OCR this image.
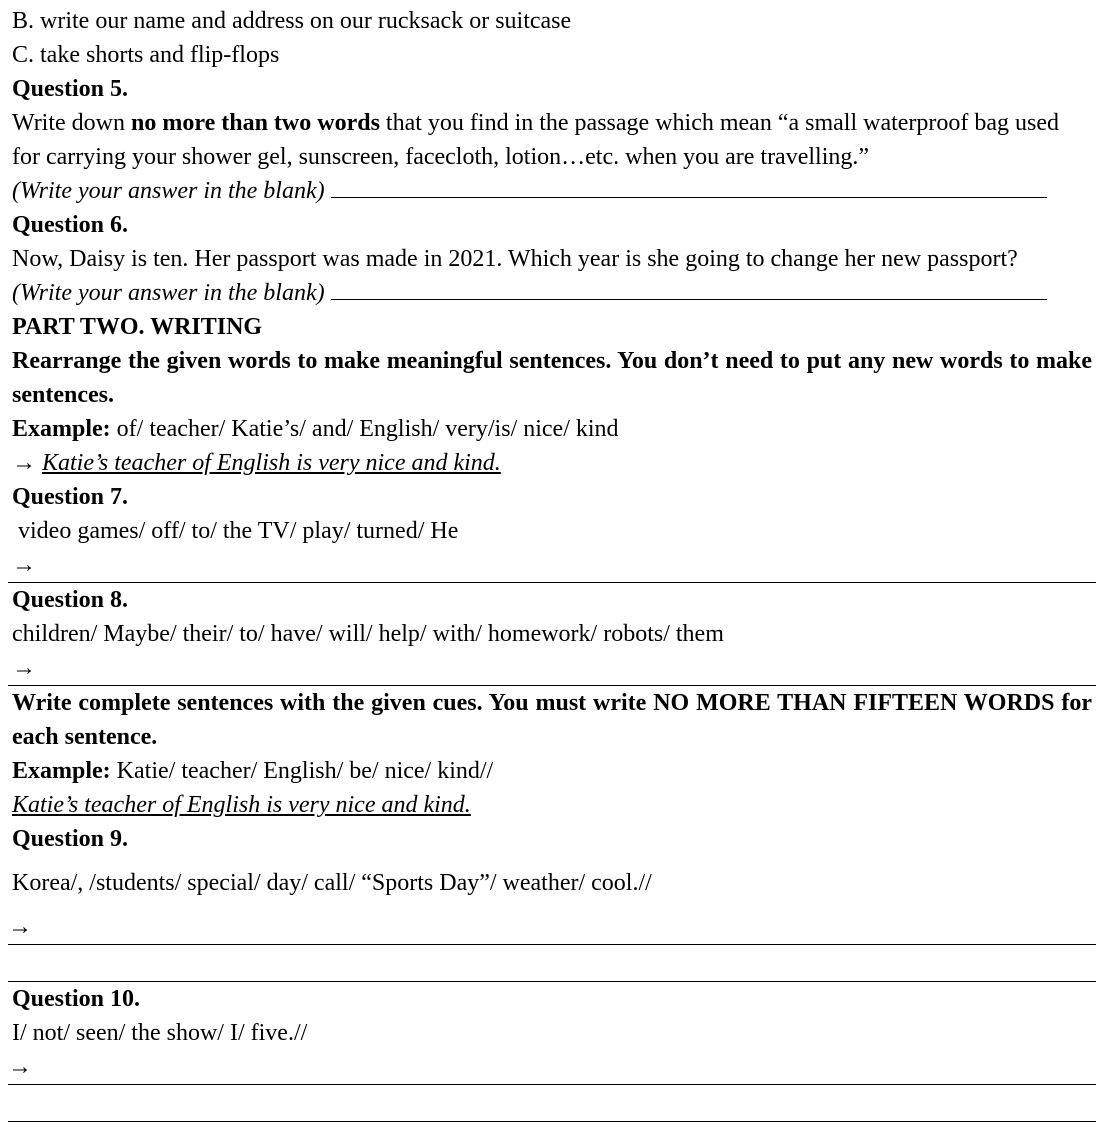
B. write our name and address on our rucksack or suitcase
C. take shorts and flip-flops
Question 5.
Write down no more than two words that you find in the passage which mean “a small waterproof bag used for carrying your shower gel, sunscreen, facecloth, lotion…etc. when you are travelling.”
(Write your answer in the blank)
Question 6.
Now, Daisy is ten. Her passport was made in 2021. Which year is she going to change her new passport?
(Write your answer in the blank)
PART TWO. WRITING
Rearrange the given words to make meaningful sentences. You don’t need to put any new words to make sentences.
Example: of/ teacher/ Katie’s/ and/ English/ very/is/ nice/ kind
→ Katie’s teacher of English is very nice and kind.
Question 7.
video games/ off/ to/ the TV/ play/ turned/ He
→
Question 8.
children/ Maybe/ their/ to/ have/ will/ help/ with/ homework/ robots/ them
→
Write complete sentences with the given cues. You must write NO MORE THAN FIFTEEN WORDS for each sentence.
Example: Katie/ teacher/ English/ be/ nice/ kind//
Katie’s teacher of English is very nice and kind.
Question 9.
Korea/, /students/ special/ day/ call/ “Sports Day”/ weather/ cool.//
→
Question 10.
I/ not/ seen/ the show/ I/ five.//
→
